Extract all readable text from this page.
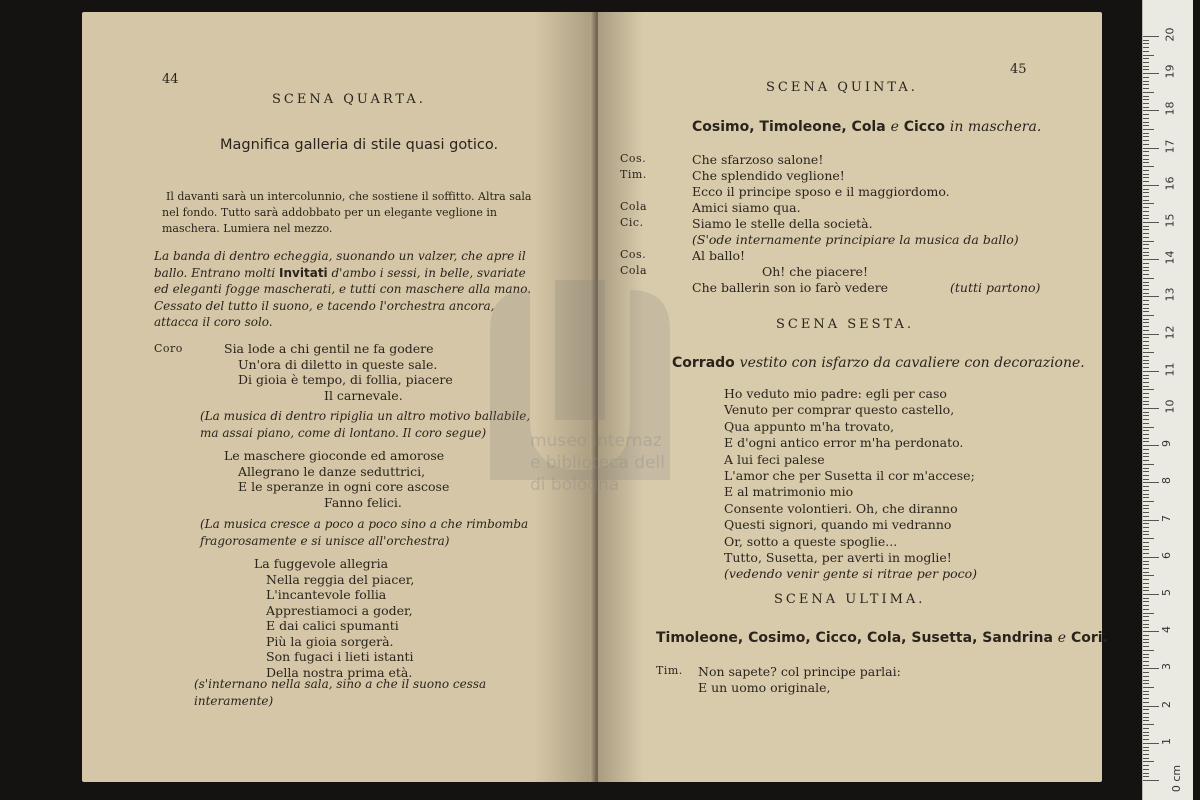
44
SCENA QUARTA.
Magnifica galleria di stile quasi gotico.
Il davanti sarà un intercolunnio, che sostiene il soffitto. Altra sala nel fondo. Tutto sarà addobbato per un elegante veglione in maschera. Lumiera nel mezzo.
La banda di dentro echeggia, suonando un valzer, che apre il ballo. Entrano molti Invitati d'ambo i sessi, in belle, svariate ed eleganti fogge mascherati, e tutti con maschere alla mano. Cessato del tutto il suono, e tacendo l'orchestra ancora, attacca il coro solo.
Coro	Sia lode a chi gentil ne fa godere
Un'ora di diletto in queste sale.
Di gioia è tempo, di follia, piacere
Il carnevale.
(La musica di dentro ripiglia un altro motivo ballabile, ma assai piano, come di lontano. Il coro segue)
Le maschere gioconde ed amorose
Allegrano le danze seduttrici,
E le speranze in ogni core ascose
Fanno felici.
(La musica cresce a poco a poco sino a che rimbomba fragorosamente e si unisce all'orchestra)
La fuggevole allegria
Nella reggia del piacer,
L'incantevole follia
Apprestiamoci a goder,
E dai calici spumanti
Più la gioia sorgerà.
Son fugaci i lieti istanti
Della nostra prima età.
(s'internano nella sala, sino a che il suono cessa interamente)
45
SCENA QUINTA.
Cosimo, Timoleone, Cola e Cicco in maschera.
Cos.	Che sfarzoso salone!
Tim.	Che splendido veglione!
Ecco il principe sposo e il maggiordomo.
Cola	Amici siamo qua.
Cic.	Siamo le stelle della società.
(S'ode internamente principiare la musica da ballo)
Cos.	Al ballo!
Cola	Oh! che piacere!
Che ballerin son io farò vedere	(tutti partono)
SCENA SESTA.
Corrado vestito con isfarzo da cavaliere con decorazione.
Ho veduto mio padre: egli per caso
Venuto per comprar questo castello,
Qua appunto m'ha trovato,
E d'ogni antico error m'ha perdonato.
A lui feci palese
L'amor che per Susetta il cor m'accese;
E al matrimonio mio
Consente volontieri. Oh, che diranno
Questi signori, quando mi vedranno
Or, sotto a queste spoglie...
Tutto, Susetta, per averti in moglie!
(vedendo venir gente si ritrae per poco)
SCENA ULTIMA.
Timoleone, Cosimo, Cicco, Cola, Susetta, Sandrina e Cori.
Tim. Non sapete? col principe parlai:
E un uomo originale,
museo internaz
e biblioteca dell
di bologna
0 cm
1
2
3
4
5
6
7
8
9
10
11
12
13
14
15
16
17
18
19
20
